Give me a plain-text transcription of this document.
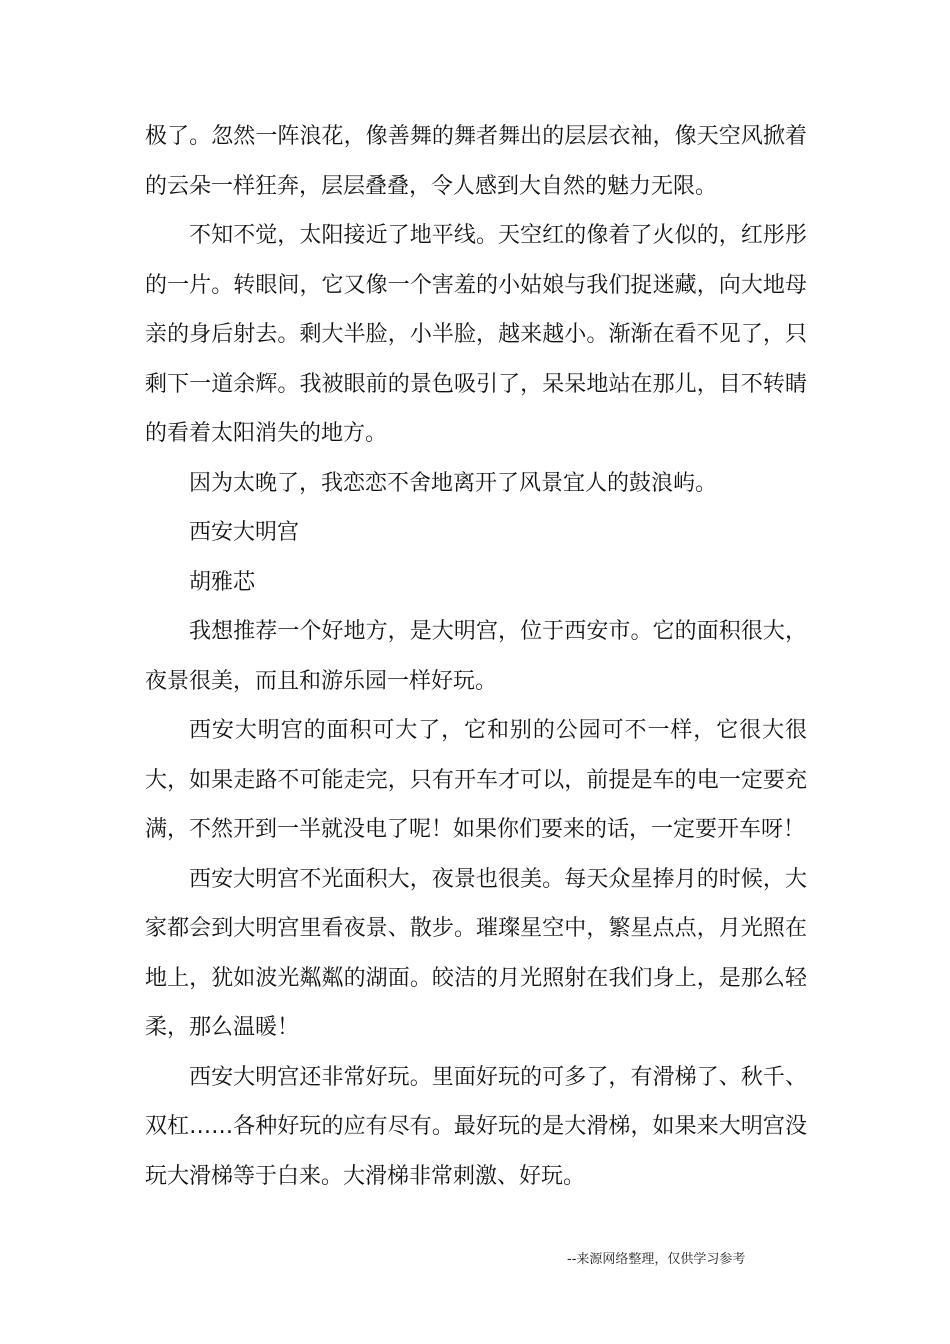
极了。忽然一阵浪花，像善舞的舞者舞出的层层衣袖，像天空风掀着的云朵一样狂奔，层层叠叠，令人感到大自然的魅力无限。

不知不觉，太阳接近了地平线。天空红的像着了火似的，红彤彤的一片。转眼间，它又像一个害羞的小姑娘与我们捉迷藏，向大地母亲的身后射去。剩大半脸，小半脸，越来越小。渐渐在看不见了，只剩下一道余辉。我被眼前的景色吸引了，呆呆地站在那儿，目不转睛的看着太阳消失的地方。

因为太晚了，我恋恋不舍地离开了风景宜人的鼓浪屿。

西安大明宫

胡雅芯

我想推荐一个好地方，是大明宫，位于西安市。它的面积很大，夜景很美，而且和游乐园一样好玩。

西安大明宫的面积可大了，它和别的公园可不一样，它很大很大，如果走路不可能走完，只有开车才可以，前提是车的电一定要充满，不然开到一半就没电了呢！如果你们要来的话，一定要开车呀！

西安大明宫不光面积大，夜景也很美。每天众星捧月的时候，大家都会到大明宫里看夜景、散步。璀璨星空中，繁星点点，月光照在地上，犹如波光粼粼的湖面。皎洁的月光照射在我们身上，是那么轻柔，那么温暖！

西安大明宫还非常好玩。里面好玩的可多了，有滑梯了、秋千、双杠……各种好玩的应有尽有。最好玩的是大滑梯，如果来大明宫没玩大滑梯等于白来。大滑梯非常刺激、好玩。

--来源网络整理，仅供学习参考
